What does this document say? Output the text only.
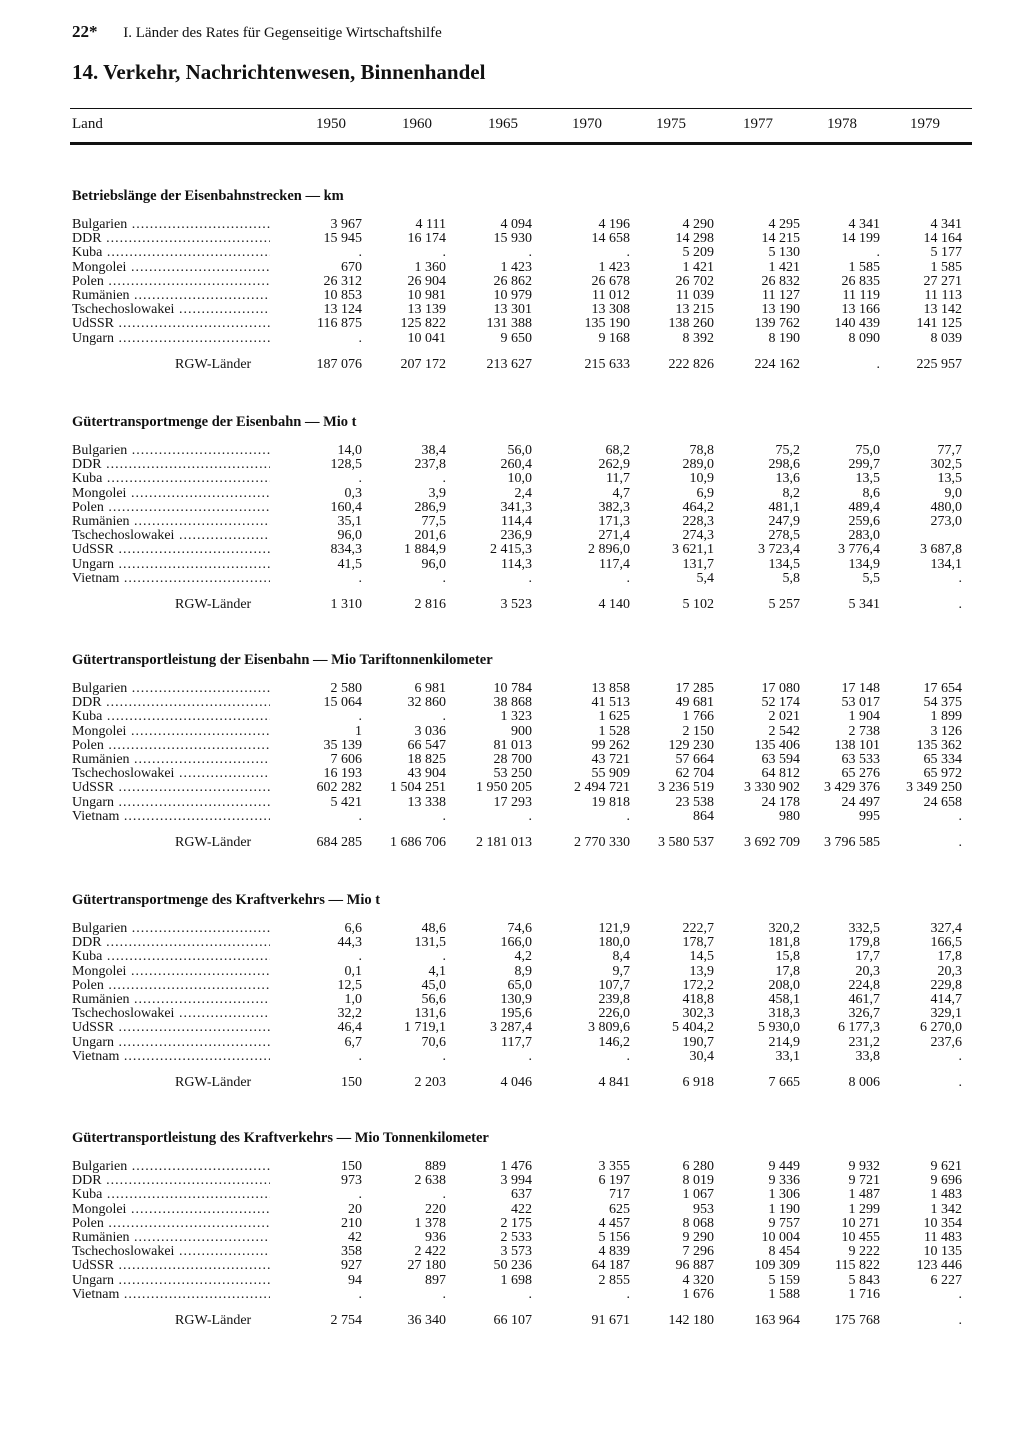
22* I. Länder des Rates für Gegenseitige Wirtschaftshilfe
14. Verkehr, Nachrichtenwesen, Binnenhandel
Land	1950	1960	1965	1970	1975	1977	1978	1979
Betriebslänge der Eisenbahnstrecken — km
Bulgarien .....	3 967	4 111	4 094	4 196	4 290	4 295	4 341	4 341
DDR .....	15 945	16 174	15 930	14 658	14 298	14 215	14 199	14 164
Kuba .....	.	.	.	.	5 209	5 130	.	5 177
Mongolei .....	670	1 360	1 423	1 423	1 421	1 421	1 585	1 585
Polen .....	26 312	26 904	26 862	26 678	26 702	26 832	26 835	27 271
Rumänien .....	10 853	10 981	10 979	11 012	11 039	11 127	11 119	11 113
Tschechoslowakei .....	13 124	13 139	13 301	13 308	13 215	13 190	13 166	13 142
UdSSR .....	116 875	125 822	131 388	135 190	138 260	139 762	140 439	141 125
Ungarn .....	.	10 041	9 650	9 168	8 392	8 190	8 090	8 039
RGW-Länder	187 076	207 172	213 627	215 633	222 826	224 162	.	225 957
Gütertransportmenge der Eisenbahn — Mio t
Bulgarien .....	14,0	38,4	56,0	68,2	78,8	75,2	75,0	77,7
DDR .....	128,5	237,8	260,4	262,9	289,0	298,6	299,7	302,5
Kuba .....	.	.	10,0	11,7	10,9	13,6	13,5	13,5
Mongolei .....	0,3	3,9	2,4	4,7	6,9	8,2	8,6	9,0
Polen .....	160,4	286,9	341,3	382,3	464,2	481,1	489,4	480,0
Rumänien .....	35,1	77,5	114,4	171,3	228,3	247,9	259,6	273,0
Tschechoslowakei .....	96,0	201,6	236,9	271,4	274,3	278,5	283,0
UdSSR .....	834,3	1 884,9	2 415,3	2 896,0	3 621,1	3 723,4	3 776,4	3 687,8
Ungarn .....	41,5	96,0	114,3	117,4	131,7	134,5	134,9	134,1
Vietnam .....	.	.	.	.	5,4	5,8	5,5	.
RGW-Länder	1 310	2 816	3 523	4 140	5 102	5 257	5 341	.
Gütertransportleistung der Eisenbahn — Mio Tariftonnenkilometer
Bulgarien .....	2 580	6 981	10 784	13 858	17 285	17 080	17 148	17 654
DDR .....	15 064	32 860	38 868	41 513	49 681	52 174	53 017	54 375
Kuba .....	.	.	1 323	1 625	1 766	2 021	1 904	1 899
Mongolei .....	1	3 036	900	1 528	2 150	2 542	2 738	3 126
Polen .....	35 139	66 547	81 013	99 262	129 230	135 406	138 101	135 362
Rumänien .....	7 606	18 825	28 700	43 721	57 664	63 594	63 533	65 334
Tschechoslowakei .....	16 193	43 904	53 250	55 909	62 704	64 812	65 276	65 972
UdSSR .....	602 282	1 504 251	1 950 205	2 494 721	3 236 519	3 330 902	3 429 376	3 349 250
Ungarn .....	5 421	13 338	17 293	19 818	23 538	24 178	24 497	24 658
Vietnam .....	.	.	.	.	864	980	995	.
RGW-Länder	684 285	1 686 706	2 181 013	2 770 330	3 580 537	3 692 709	3 796 585	.
Gütertransportmenge des Kraftverkehrs — Mio t
Bulgarien .....	6,6	48,6	74,6	121,9	222,7	320,2	332,5	327,4
DDR .....	44,3	131,5	166,0	180,0	178,7	181,8	179,8	166,5
Kuba .....	.	.	4,2	8,4	14,5	15,8	17,7	17,8
Mongolei .....	0,1	4,1	8,9	9,7	13,9	17,8	20,3	20,3
Polen .....	12,5	45,0	65,0	107,7	172,2	208,0	224,8	229,8
Rumänien .....	1,0	56,6	130,9	239,8	418,8	458,1	461,7	414,7
Tschechoslowakei .....	32,2	131,6	195,6	226,0	302,3	318,3	326,7	329,1
UdSSR .....	46,4	1 719,1	3 287,4	3 809,6	5 404,2	5 930,0	6 177,3	6 270,0
Ungarn .....	6,7	70,6	117,7	146,2	190,7	214,9	231,2	237,6
Vietnam .....	.	.	.	.	30,4	33,1	33,8	.
RGW-Länder	150	2 203	4 046	4 841	6 918	7 665	8 006	.
Gütertransportleistung des Kraftverkehrs — Mio Tonnenkilometer
Bulgarien .....	150	889	1 476	3 355	6 280	9 449	9 932	9 621
DDR .....	973	2 638	3 994	6 197	8 019	9 336	9 721	9 696
Kuba .....	.	.	637	717	1 067	1 306	1 487	1 483
Mongolei .....	20	220	422	625	953	1 190	1 299	1 342
Polen .....	210	1 378	2 175	4 457	8 068	9 757	10 271	10 354
Rumänien .....	42	936	2 533	5 156	9 290	10 004	10 455	11 483
Tschechoslowakei .....	358	2 422	3 573	4 839	7 296	8 454	9 222	10 135
UdSSR .....	927	27 180	50 236	64 187	96 887	109 309	115 822	123 446
Ungarn .....	94	897	1 698	2 855	4 320	5 159	5 843	6 227
Vietnam .....	.	.	.	.	1 676	1 588	1 716	.
RGW-Länder	2 754	36 340	66 107	91 671	142 180	163 964	175 768	.
